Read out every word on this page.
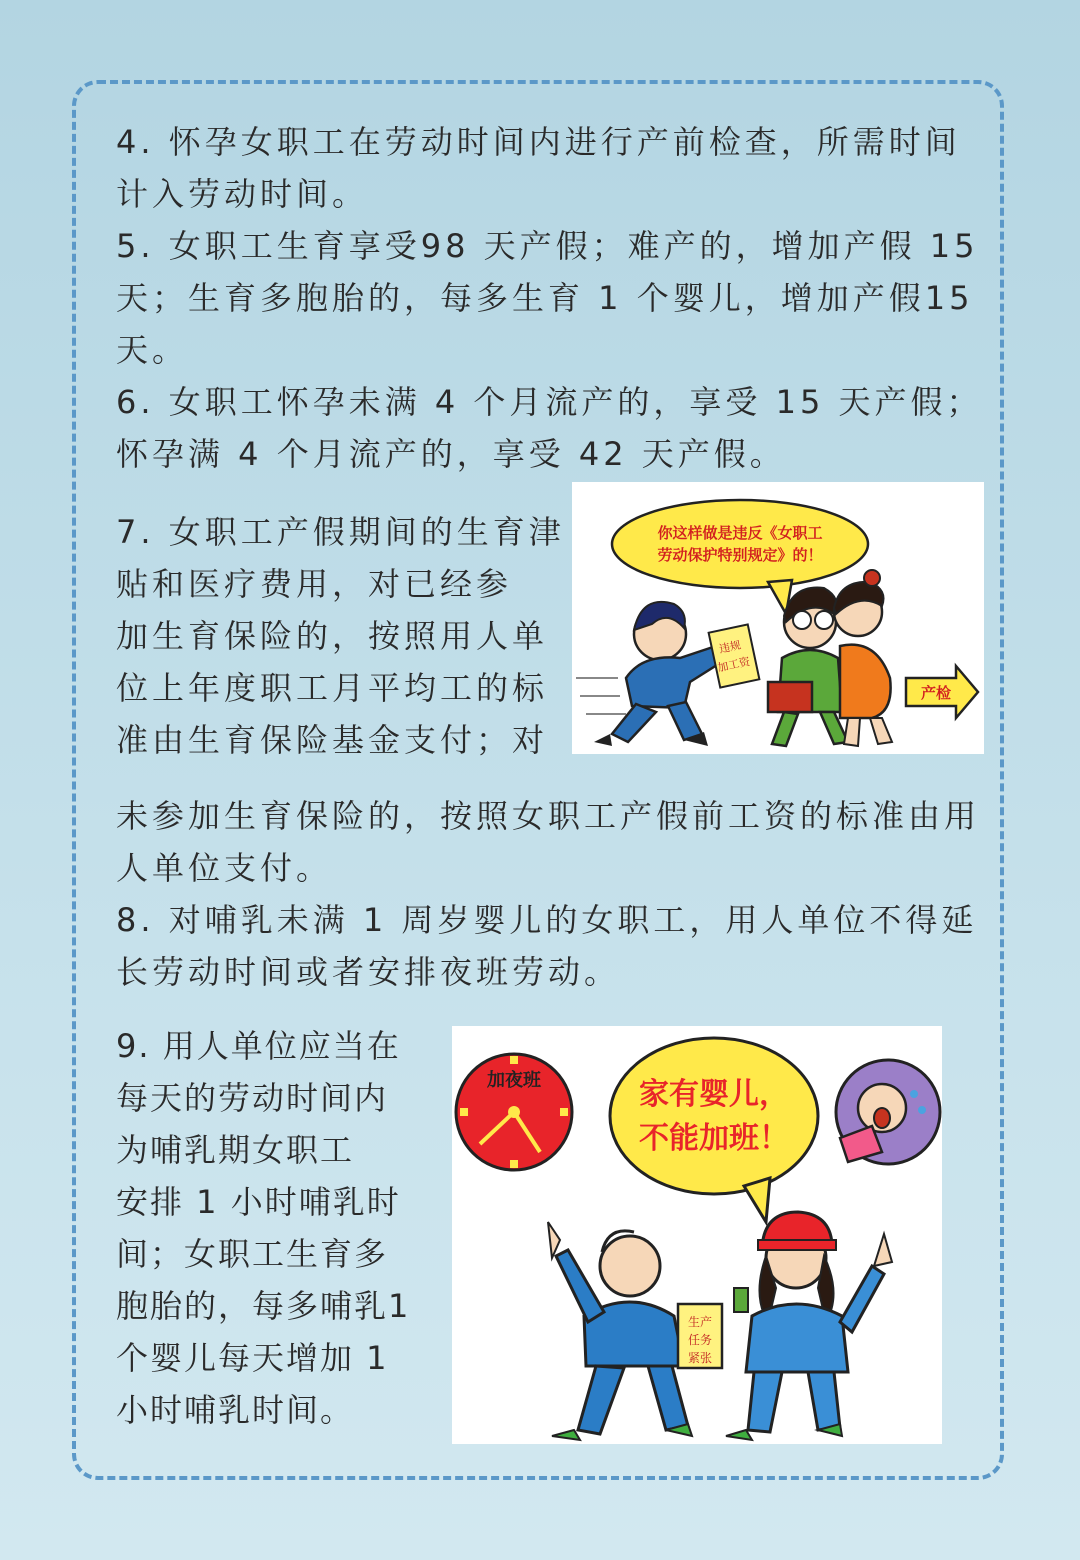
4. 怀孕女职工在劳动时间内进行产前检查，所需时间
计入劳动时间。
5. 女职工生育享受98 天产假；难产的，增加产假 15
天；生育多胞胎的，每多生育 1 个婴儿，增加产假15
天。
6. 女职工怀孕未满 4 个月流产的，享受 15 天产假；
怀孕满 4 个月流产的，享受 42 天产假。
7. 女职工产假期间的生育津
贴和医疗费用，对已经参
加生育保险的，按照用人单
位上年度职工月平均工的标
准由生育保险基金支付；对
你这样做是违反《女职工
劳动保护特别规定》的！
违规
加工资
产检
未参加生育保险的，按照女职工产假前工资的标准由用
人单位支付。
8. 对哺乳未满 1 周岁婴儿的女职工，用人单位不得延
长劳动时间或者安排夜班劳动。
9. 用人单位应当在
每天的劳动时间内
为哺乳期女职工
安排 1 小时哺乳时
间；女职工生育多
胞胎的，每多哺乳1
个婴儿每天增加 1
小时哺乳时间。
加夜班	家有婴儿，
不能加班！
生产
任务
紧张
